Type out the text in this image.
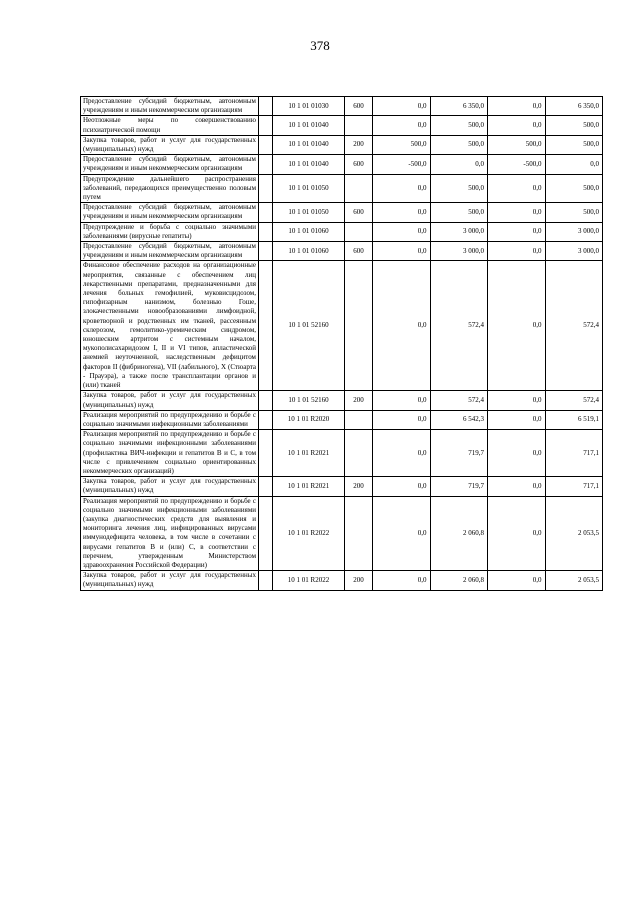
378
Предоставление субсидий бюджетным, автономным учреждениям и иным некоммерческим организациям		10 1 01 01030	600	0,0	6 350,0	0,0	6 350,0
Неотложные меры по совершенствованию психиатрической помощи		10 1 01 01040		0,0	500,0	0,0	500,0
Закупка товаров, работ и услуг для государственных (муниципальных) нужд		10 1 01 01040	200	500,0	500,0	500,0	500,0
Предоставление субсидий бюджетным, автономным учреждениям и иным некоммерческим организациям		10 1 01 01040	600	-500,0	0,0	-500,0	0,0
Предупреждение дальнейшего распространения заболеваний, передающихся преимущественно половым путем		10 1 01 01050		0,0	500,0	0,0	500,0
Предоставление субсидий бюджетным, автономным учреждениям и иным некоммерческим организациям		10 1 01 01050	600	0,0	500,0	0,0	500,0
Предупреждение и борьба с социально значимыми заболеваниями (вирусные гепатиты)		10 1 01 01060		0,0	3 000,0	0,0	3 000,0
Предоставление субсидий бюджетным, автономным учреждениям и иным некоммерческим организациям		10 1 01 01060	600	0,0	3 000,0	0,0	3 000,0
Финансовое обеспечение расходов на организационные мероприятия, связанные с обеспечением лиц лекарственными препаратами, предназначенными для лечения больных гемофилией, муковисцидозом, гипофизарным нанизмом, болезнью Гоше, злокачественными новообразованиями лимфоидной, кроветворной и родственных им тканей, рассеянным склерозом, гемолитико-уремическим синдромом, юношеским артритом с системным началом, мукополисахаридозом I, II и VI типов, апластической анемией неуточненной, наследственным дефицитом факторов II (фибриногена), VII (лабильного), X (Стюарта - Прауэра), а также после трансплантации органов и (или) тканей		10 1 01 52160		0,0	572,4	0,0	572,4
Закупка товаров, работ и услуг для государственных (муниципальных) нужд		10 1 01 52160	200	0,0	572,4	0,0	572,4
Реализация мероприятий по предупреждению и борьбе с социально значимыми инфекционными заболеваниями		10 1 01 R2020		0,0	6 542,3	0,0	6 519,1
Реализация мероприятий по предупреждению и борьбе с социально значимыми инфекционными заболеваниями (профилактика ВИЧ-инфекции и гепатитов В и С, в том числе с привлечением социально ориентированных некоммерческих организаций)		10 1 01 R2021		0,0	719,7	0,0	717,1
Закупка товаров, работ и услуг для государственных (муниципальных) нужд		10 1 01 R2021	200	0,0	719,7	0,0	717,1
Реализация мероприятий по предупреждению и борьбе с социально значимыми инфекционными заболеваниями (закупка диагностических средств для выявления и мониторинга лечения лиц, инфицированных вирусами иммунодефицита человека, в том числе в сочетании с вирусами гепатитов В и (или) С, в соответствии с перечнем, утвержденным Министерством здравоохранения Российской Федерации)		10 1 01 R2022		0,0	2 060,8	0,0	2 053,5
Закупка товаров, работ и услуг для государственных (муниципальных) нужд		10 1 01 R2022	200	0,0	2 060,8	0,0	2 053,5
